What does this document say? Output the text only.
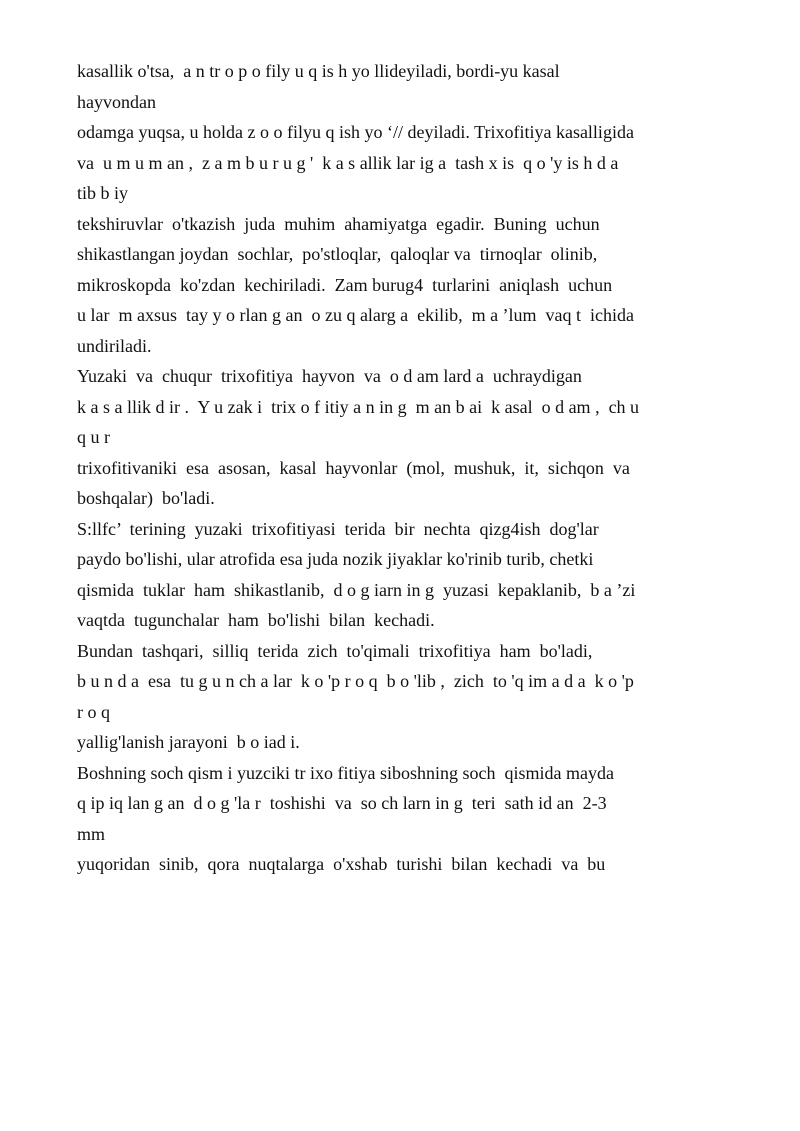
kasallik o'tsa,  a n tr o p o fily u q is h yo llideyiladi, bordi-yu kasal
hayvondan
odamga yuqsa, u holda z o o filyu q ish yo ‘// deyiladi. Trixofitiya kasalligida
va  u m u m an ,  z a m b u r u g '  k a s allik lar ig a  tash x is  q o 'y is h d a
tib b iy
tekshiruvlar  o'tkazish  juda  muhim  ahamiyatga  egadir.  Buning  uchun
shikastlangan joydan  sochlar,  po'stloqlar,  qaloqlar va  tirnoqlar  olinib,
mikroskopda  ko'zdan  kechiriladi.  Zam burug4  turlarini  aniqlash  uchun
u lar  m axsus  tay y o rlan g an  o zu q alarg a  ekilib,  m a ’lum  vaq t  ichida
undiriladi.
Yuzaki  va  chuqur  trixofitiya  hayvon  va  o d am lard a  uchraydigan
k a s a llik d ir .  Y u zak i  trix o f itiy a n in g  m an b ai  k asal  o d am ,  ch u
q u r
trixofitivaniki  esa  asosan,  kasal  hayvonlar  (mol,  mushuk,  it,  sichqon  va
boshqalar)  bo'ladi.
S:llfc’  terining  yuzaki  trixofitiyasi  terida  bir  nechta  qizg4ish  dog'lar
paydo bo'lishi, ular atrofida esa juda nozik jiyaklar ko'rinib turib, chetki
qismida  tuklar  ham  shikastlanib,  d o g iarn in g  yuzasi  kepaklanib,  b a ’zi
vaqtda  tugunchalar  ham  bo'lishi  bilan  kechadi.
Bundan  tashqari,  silliq  terida  zich  to'qimali  trixofitiya  ham  bo'ladi,
b u n d a  esa  tu g u n ch a lar  k o 'p r o q  b o 'lib ,  zich  to 'q im a d a  k o 'p
r o q
yallig'lanish jarayoni  b o iad i.
Boshning soch qism i yuzciki tr ixo fitiya siboshning soch  qismida mayda
q ip iq lan g an  d o g 'la r  toshishi  va  so ch larn in g  teri  sath id an  2-3
mm
yuqoridan  sinib,  qora  nuqtalarga  o'xshab  turishi  bilan  kechadi  va  bu
